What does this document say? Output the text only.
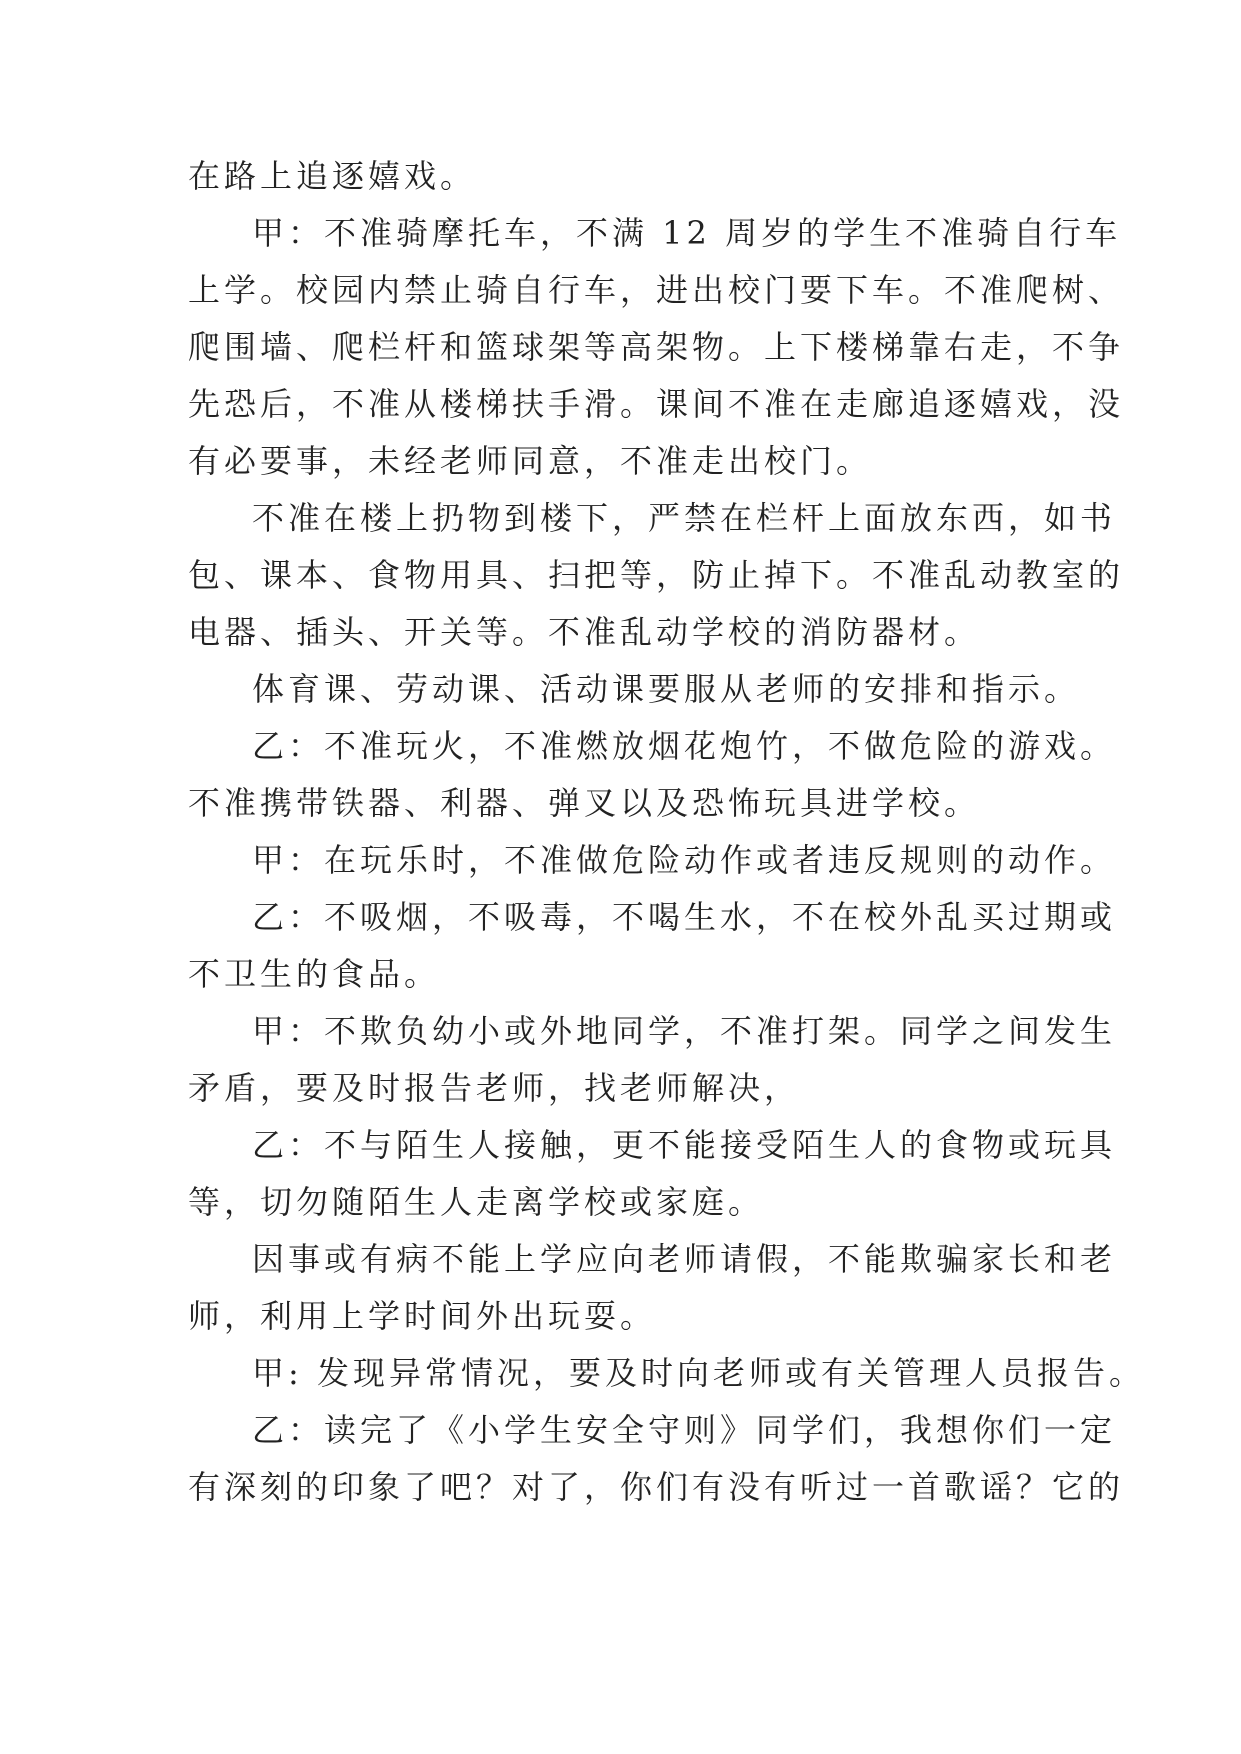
在路上追逐嬉戏。
甲：不准骑摩托车，不满 12 周岁的学生不准骑自行车
上学。校园内禁止骑自行车，进出校门要下车。不准爬树、
爬围墙、爬栏杆和篮球架等高架物。上下楼梯靠右走，不争
先恐后，不准从楼梯扶手滑。课间不准在走廊追逐嬉戏，没
有必要事，未经老师同意，不准走出校门。
不准在楼上扔物到楼下，严禁在栏杆上面放东西，如书
包、课本、食物用具、扫把等，防止掉下。不准乱动教室的
电器、插头、开关等。不准乱动学校的消防器材。
体育课、劳动课、活动课要服从老师的安排和指示。
乙：不准玩火，不准燃放烟花炮竹，不做危险的游戏。
不准携带铁器、利器、弹叉以及恐怖玩具进学校。
甲：在玩乐时，不准做危险动作或者违反规则的动作。
乙：不吸烟，不吸毒，不喝生水，不在校外乱买过期或
不卫生的食品。
甲：不欺负幼小或外地同学，不准打架。同学之间发生
矛盾，要及时报告老师，找老师解决，
乙：不与陌生人接触，更不能接受陌生人的食物或玩具
等，切勿随陌生人走离学校或家庭。
因事或有病不能上学应向老师请假，不能欺骗家长和老
师，利用上学时间外出玩耍。
甲: 发现异常情况，要及时向老师或有关管理人员报告。
乙：读完了《小学生安全守则》同学们，我想你们一定
有深刻的印象了吧？对了，你们有没有听过一首歌谣？它的
